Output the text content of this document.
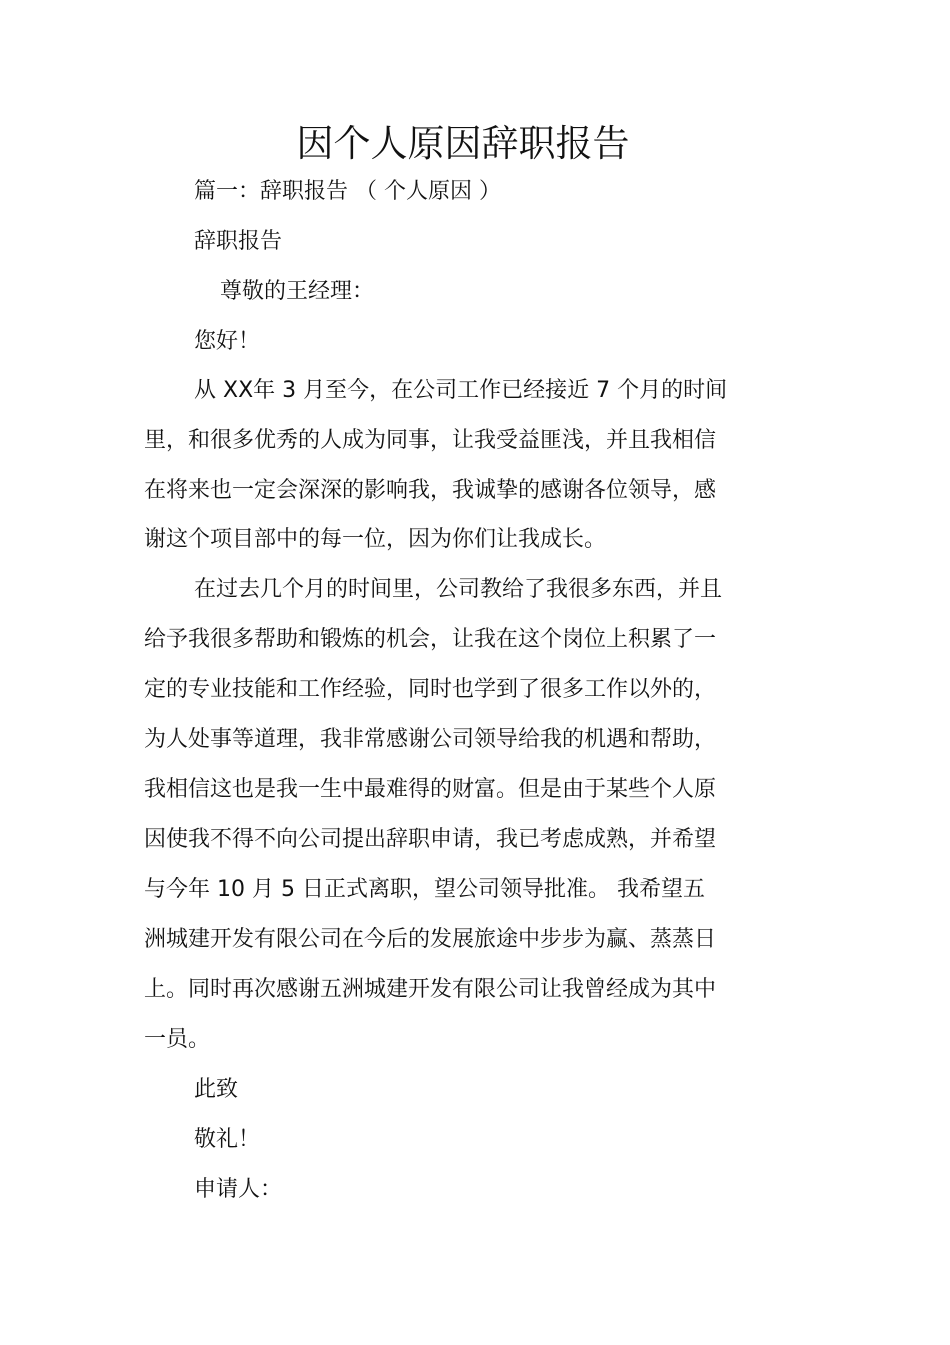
因个人原因辞职报告
篇一：辞职报告 （ 个人原因 ）
辞职报告
尊敬的王经理：
您好！
从 XX年 3 月至今，在公司工作已经接近 7 个月的时间
里，和很多优秀的人成为同事，让我受益匪浅，并且我相信
在将来也一定会深深的影响我，我诚挚的感谢各位领导，感
谢这个项目部中的每一位，因为你们让我成长。
在过去几个月的时间里，公司教给了我很多东西，并且
给予我很多帮助和锻炼的机会，让我在这个岗位上积累了一
定的专业技能和工作经验，同时也学到了很多工作以外的，
为人处事等道理，我非常感谢公司领导给我的机遇和帮助，
我相信这也是我一生中最难得的财富。但是由于某些个人原
因使我不得不向公司提出辞职申请，我已考虑成熟，并希望
与今年 10 月 5 日正式离职，望公司领导批准。 我希望五
洲城建开发有限公司在今后的发展旅途中步步为赢、蒸蒸日
上。同时再次感谢五洲城建开发有限公司让我曾经成为其中
一员。
此致
敬礼！
申请人：
